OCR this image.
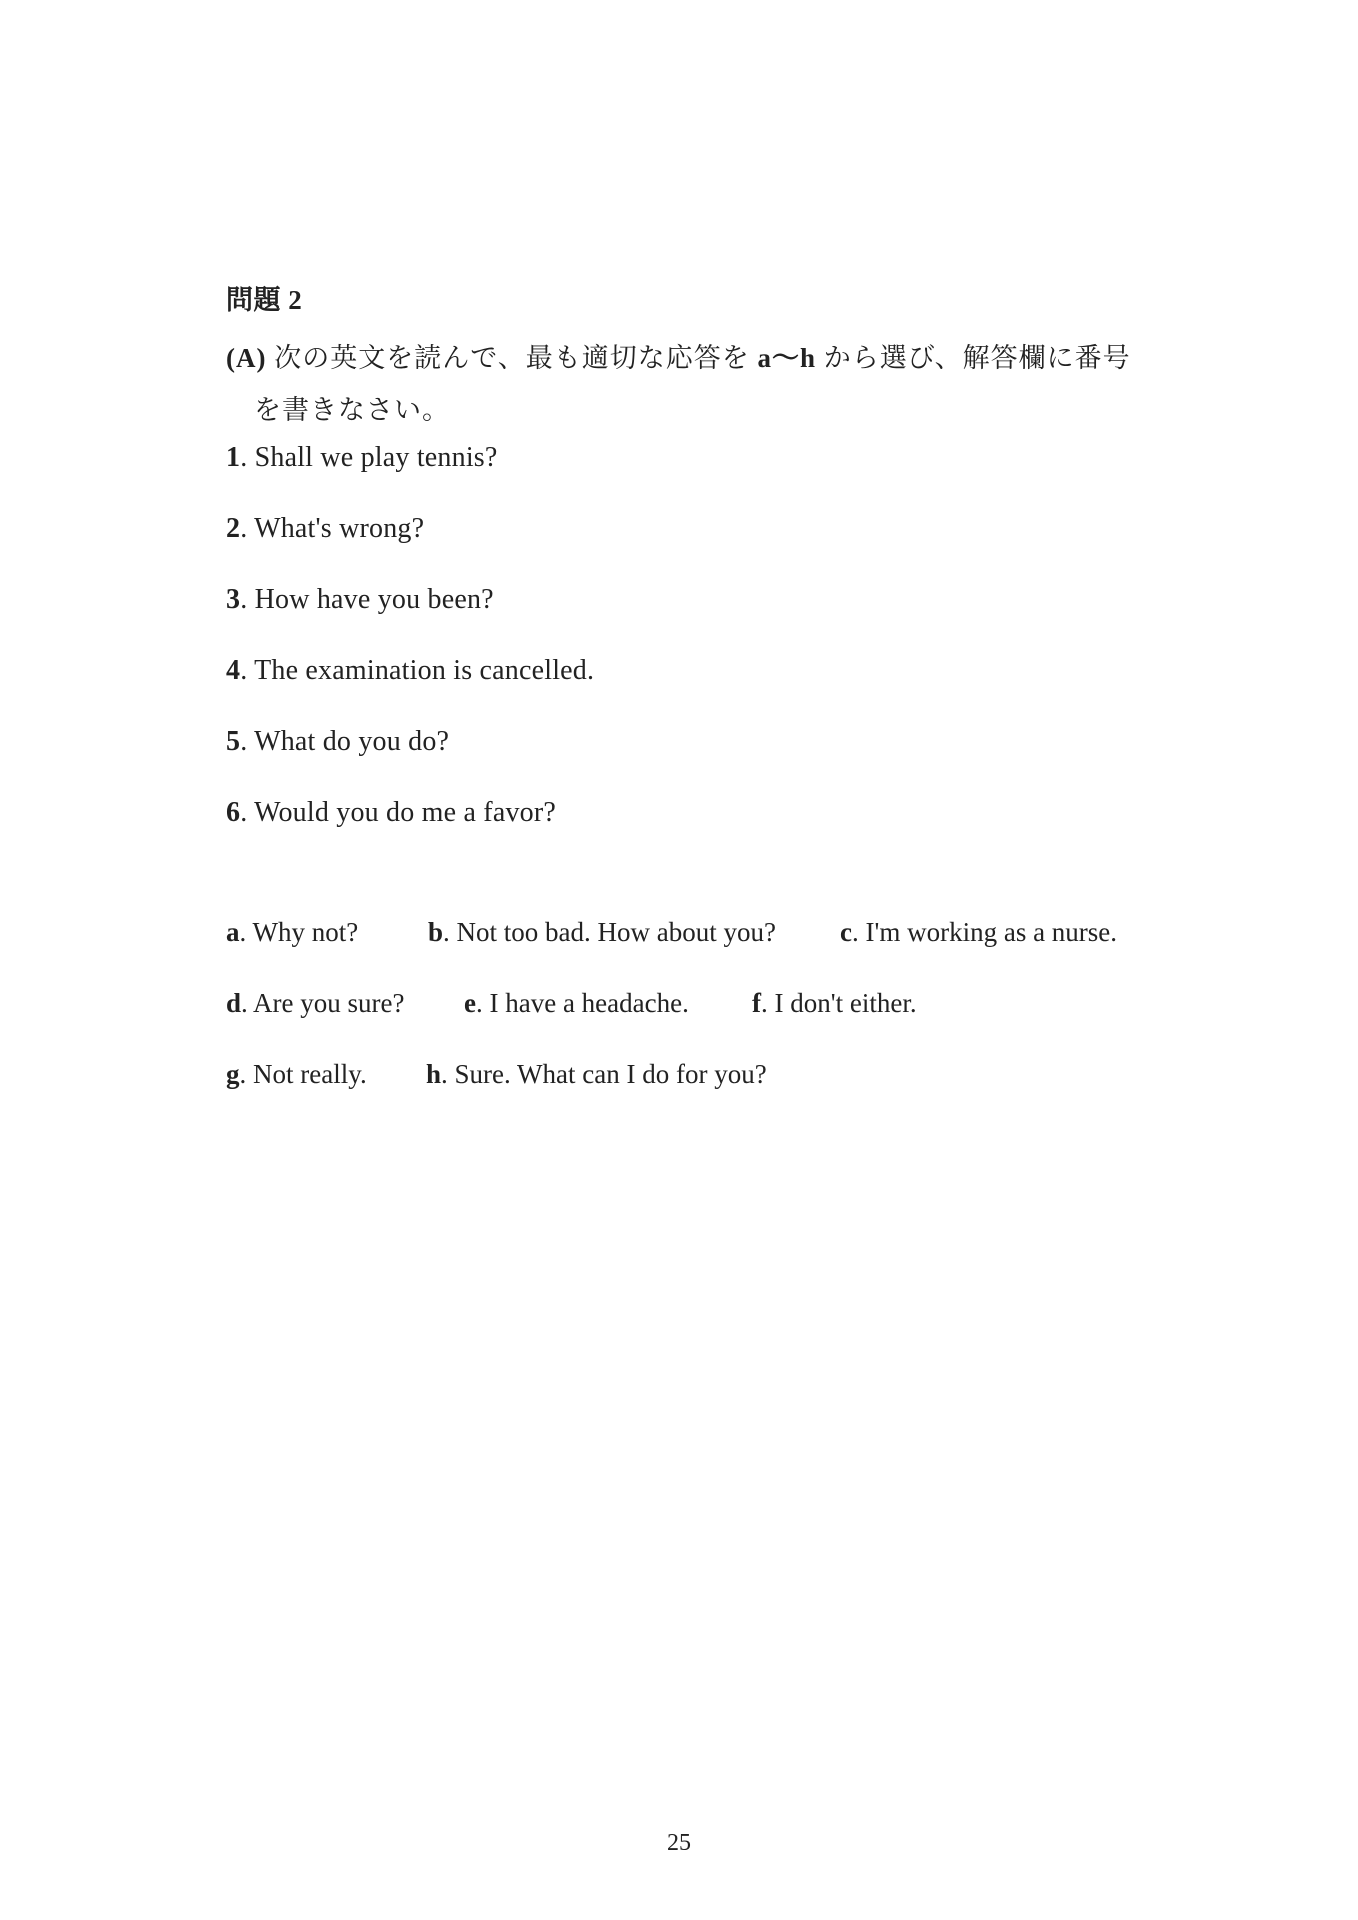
問題 2
(A) 次の英文を読んで、最も適切な応答を a〜h から選び、解答欄に番号
を書きなさい。
1. Shall we play tennis?
2. What's wrong?
3. How have you been?
4. The examination is cancelled.
5. What do you do?
6. Would you do me a favor?
a. Why not?	b. Not too bad. How about you? c. I'm working as a nurse.
d. Are you sure? e. I have a headache. f. I don't either.
g. Not really. h. Sure. What can I do for you?
25
